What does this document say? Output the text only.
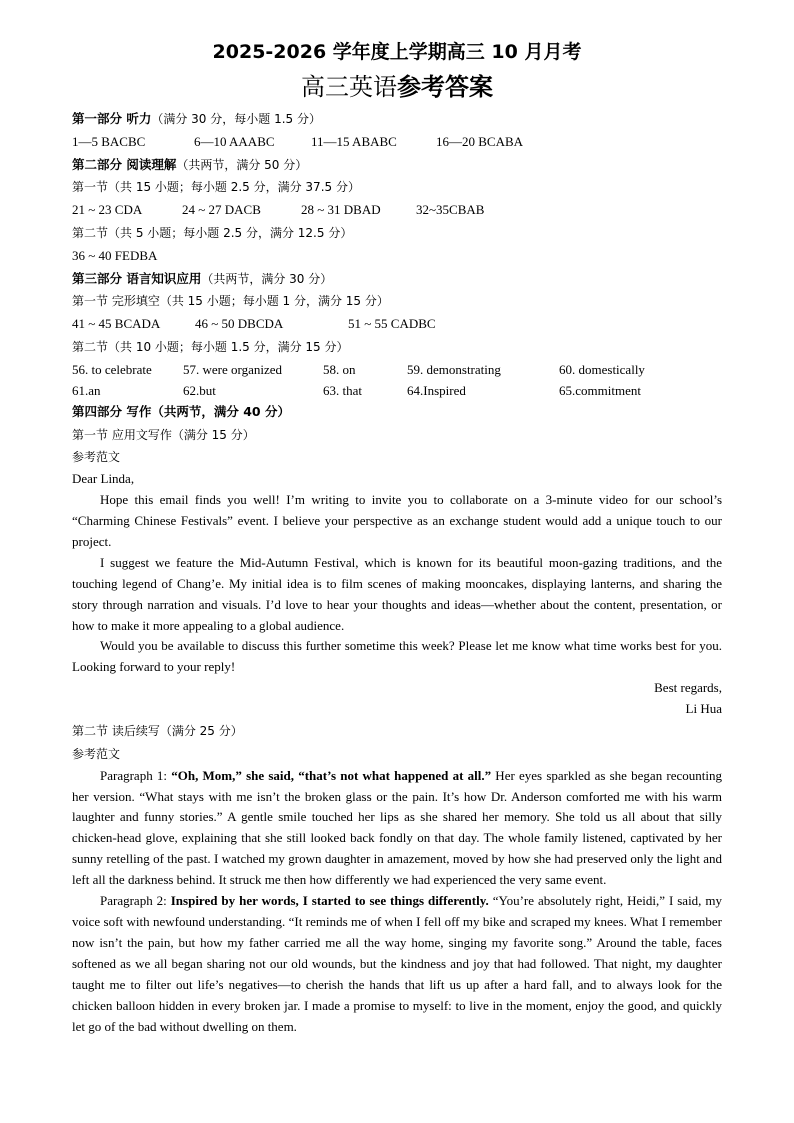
2025-2026 学年度上学期高三 10 月月考

高三英语参考答案

第一部分 听力（满分 30 分，每小题 1.5 分）

1—5 BACBC	6—10 AAABC	11—15 ABABC	16—20 BCABA

第二部分 阅读理解（共两节，满分 50 分）

第一节（共 15 小题；每小题 2.5 分，满分 37.5 分）

21 ~ 23 CDA	24 ~ 27 DACB	28 ~ 31 DBAD	32~35CBAB

第二节（共 5 小题；每小题 2.5 分，满分 12.5 分）

36 ~ 40 FEDBA

第三部分 语言知识应用（共两节，满分 30 分）

第一节 完形填空（共 15 小题；每小题 1 分，满分 15 分）

41 ~ 45 BCADA	46 ~ 50 DBCDA	51 ~ 55 CADBC

第二节（共 10 小题；每小题 1.5 分，满分 15 分）

56. to celebrate	57. were organized	58. on	59. demonstrating	60. domestically
61.an	62.but	63. that	64.Inspired	65.commitment

第四部分 写作（共两节，满分 40 分）

第一节 应用文写作（满分 15 分）

参考范文

Dear Linda,

Hope this email finds you well! I’m writing to invite you to collaborate on a 3-minute video for our school’s “Charming Chinese Festivals” event. I believe your perspective as an exchange student would add a unique touch to our project.

I suggest we feature the Mid-Autumn Festival, which is known for its beautiful moon-gazing traditions, and the touching legend of Chang’e. My initial idea is to film scenes of making mooncakes, displaying lanterns, and sharing the story through narration and visuals. I’d love to hear your thoughts and ideas—whether about the content, presentation, or how to make it more appealing to a global audience.

Would you be available to discuss this further sometime this week? Please let me know what time works best for you. Looking forward to your reply!

Best regards,

Li Hua

第二节 读后续写（满分 25 分）

参考范文

Paragraph 1: “Oh, Mom,” she said, “that’s not what happened at all.” Her eyes sparkled as she began recounting her version. “What stays with me isn’t the broken glass or the pain. It’s how Dr. Anderson comforted me with his warm laughter and funny stories.” A gentle smile touched her lips as she shared her memory. She told us all about that silly chicken-head glove, explaining that she still looked back fondly on that day. The whole family listened, captivated by her sunny retelling of the past. I watched my grown daughter in amazement, moved by how she had preserved only the light and left all the darkness behind. It struck me then how differently we had experienced the very same event.

Paragraph 2: Inspired by her words, I started to see things differently. “You’re absolutely right, Heidi,” I said, my voice soft with newfound understanding. “It reminds me of when I fell off my bike and scraped my knees. What I remember now isn’t the pain, but how my father carried me all the way home, singing my favorite song.” Around the table, faces softened as we all began sharing not our old wounds, but the kindness and joy that had followed. That night, my daughter taught me to filter out life’s negatives—to cherish the hands that lift us up after a hard fall, and to always look for the chicken balloon hidden in every broken jar. I made a promise to myself: to live in the moment, enjoy the good, and quickly let go of the bad without dwelling on them.
